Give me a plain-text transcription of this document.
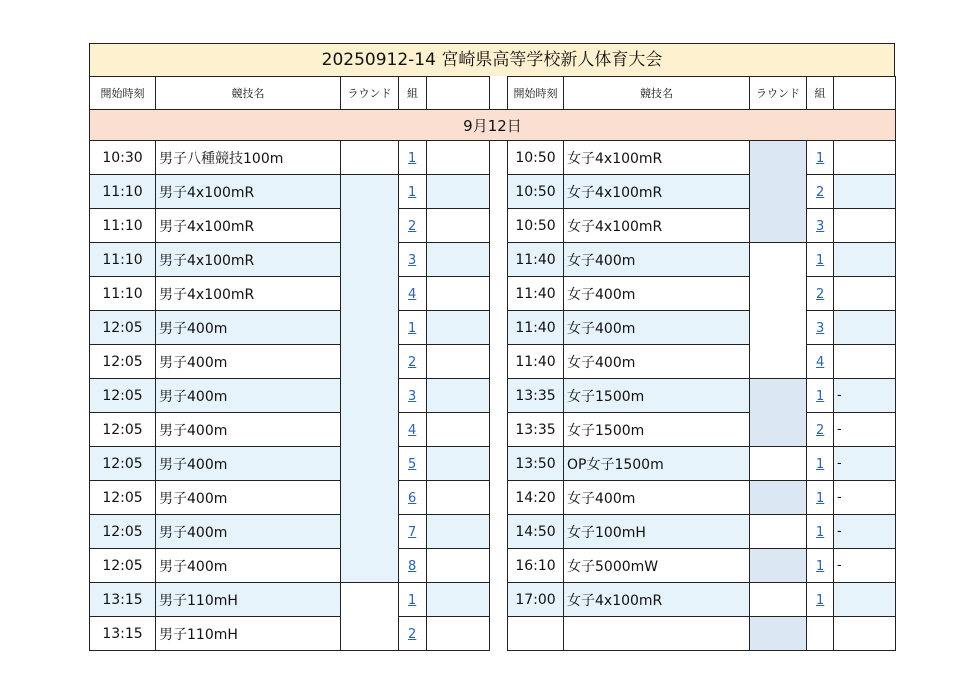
20250912-14 宮崎県高等学校新人体育大会
開始時刻	競技名	ラウンド	組			開始時刻	競技名	ラウンド	組	
9月12日										
10:30	男子八種競技100m		1			10:50	女子4x100mR		1	
11:10	男子4x100mR		1			10:50	女子4x100mR		2	
11:10	男子4x100mR		2			10:50	女子4x100mR		3	
11:10	男子4x100mR		3			11:40	女子400m		1	
11:10	男子4x100mR		4			11:40	女子400m		2	
12:05	男子400m		1			11:40	女子400m		3	
12:05	男子400m		2			11:40	女子400m		4	
12:05	男子400m		3			13:35	女子1500m		1	-
12:05	男子400m		4			13:35	女子1500m		2	-
12:05	男子400m		5			13:50	OP女子1500m		1	-
12:05	男子400m		6			14:20	女子400m		1	-
12:05	男子400m		7			14:50	女子100mH		1	-
12:05	男子400m		8			16:10	女子5000mW		1	-
13:15	男子110mH		1			17:00	女子4x100mR		1	
13:15	男子110mH		2							
